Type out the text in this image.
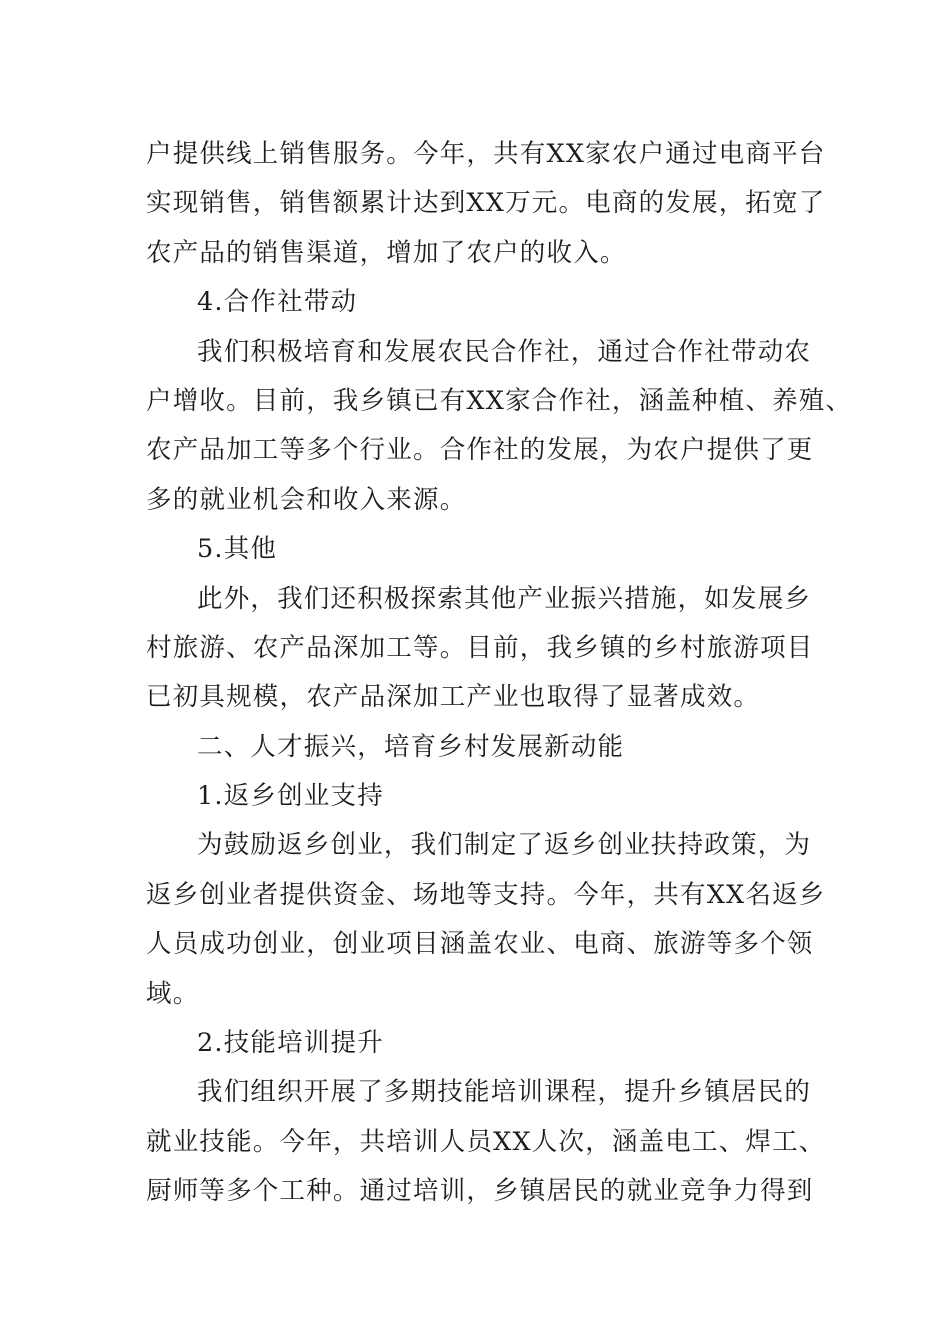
户提供线上销售服务。今年，共有XX家农户通过电商平台
实现销售，销售额累计达到XX万元。电商的发展，拓宽了
农产品的销售渠道，增加了农户的收入。
4.合作社带动
我们积极培育和发展农民合作社，通过合作社带动农
户增收。目前，我乡镇已有XX家合作社，涵盖种植、养殖、
农产品加工等多个行业。合作社的发展，为农户提供了更
多的就业机会和收入来源。
5.其他
此外，我们还积极探索其他产业振兴措施，如发展乡
村旅游、农产品深加工等。目前，我乡镇的乡村旅游项目
已初具规模，农产品深加工产业也取得了显著成效。
二、人才振兴，培育乡村发展新动能
1.返乡创业支持
为鼓励返乡创业，我们制定了返乡创业扶持政策，为
返乡创业者提供资金、场地等支持。今年，共有XX名返乡
人员成功创业，创业项目涵盖农业、电商、旅游等多个领
域。
2.技能培训提升
我们组织开展了多期技能培训课程，提升乡镇居民的
就业技能。今年，共培训人员XX人次，涵盖电工、焊工、
厨师等多个工种。通过培训，乡镇居民的就业竞争力得到
